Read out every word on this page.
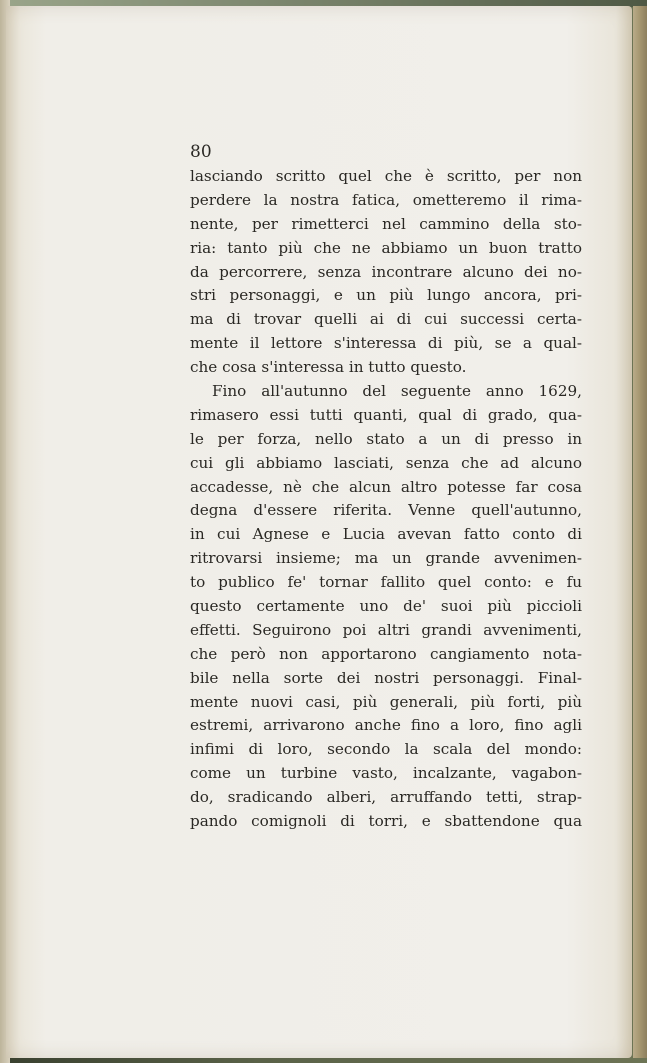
80
lasciando scritto quel che è scritto, per non
perdere la nostra fatica, ometteremo il rima-
nente, per rimetterci nel cammino della sto-
ria: tanto più che ne abbiamo un buon tratto
da percorrere, senza incontrare alcuno dei no-
stri personaggi, e un più lungo ancora, pri-
ma di trovar quelli ai di cui successi certa-
mente il lettore s'interessa di più, se a qual-
che cosa s'interessa in tutto questo.
Fino all'autunno del seguente anno 1629,
rimasero essi tutti quanti, qual di grado, qua-
le per forza, nello stato a un di presso in
cui gli abbiamo lasciati, senza che ad alcuno
accadesse, nè che alcun altro potesse far cosa
degna d'essere riferita. Venne quell'autunno,
in cui Agnese e Lucia avevan fatto conto di
ritrovarsi insieme; ma un grande avvenimen-
to publico fe' tornar fallito quel conto: e fu
questo certamente uno de' suoi più piccioli
effetti. Seguirono poi altri grandi avvenimenti,
che però non apportarono cangiamento nota-
bile nella sorte dei nostri personaggi. Final-
mente nuovi casi, più generali, più forti, più
estremi, arrivarono anche fino a loro, fino agli
infimi di loro, secondo la scala del mondo:
come un turbine vasto, incalzante, vagabon-
do, sradicando alberi, arruffando tetti, strap-
pando comignoli di torri, e sbattendone qua
